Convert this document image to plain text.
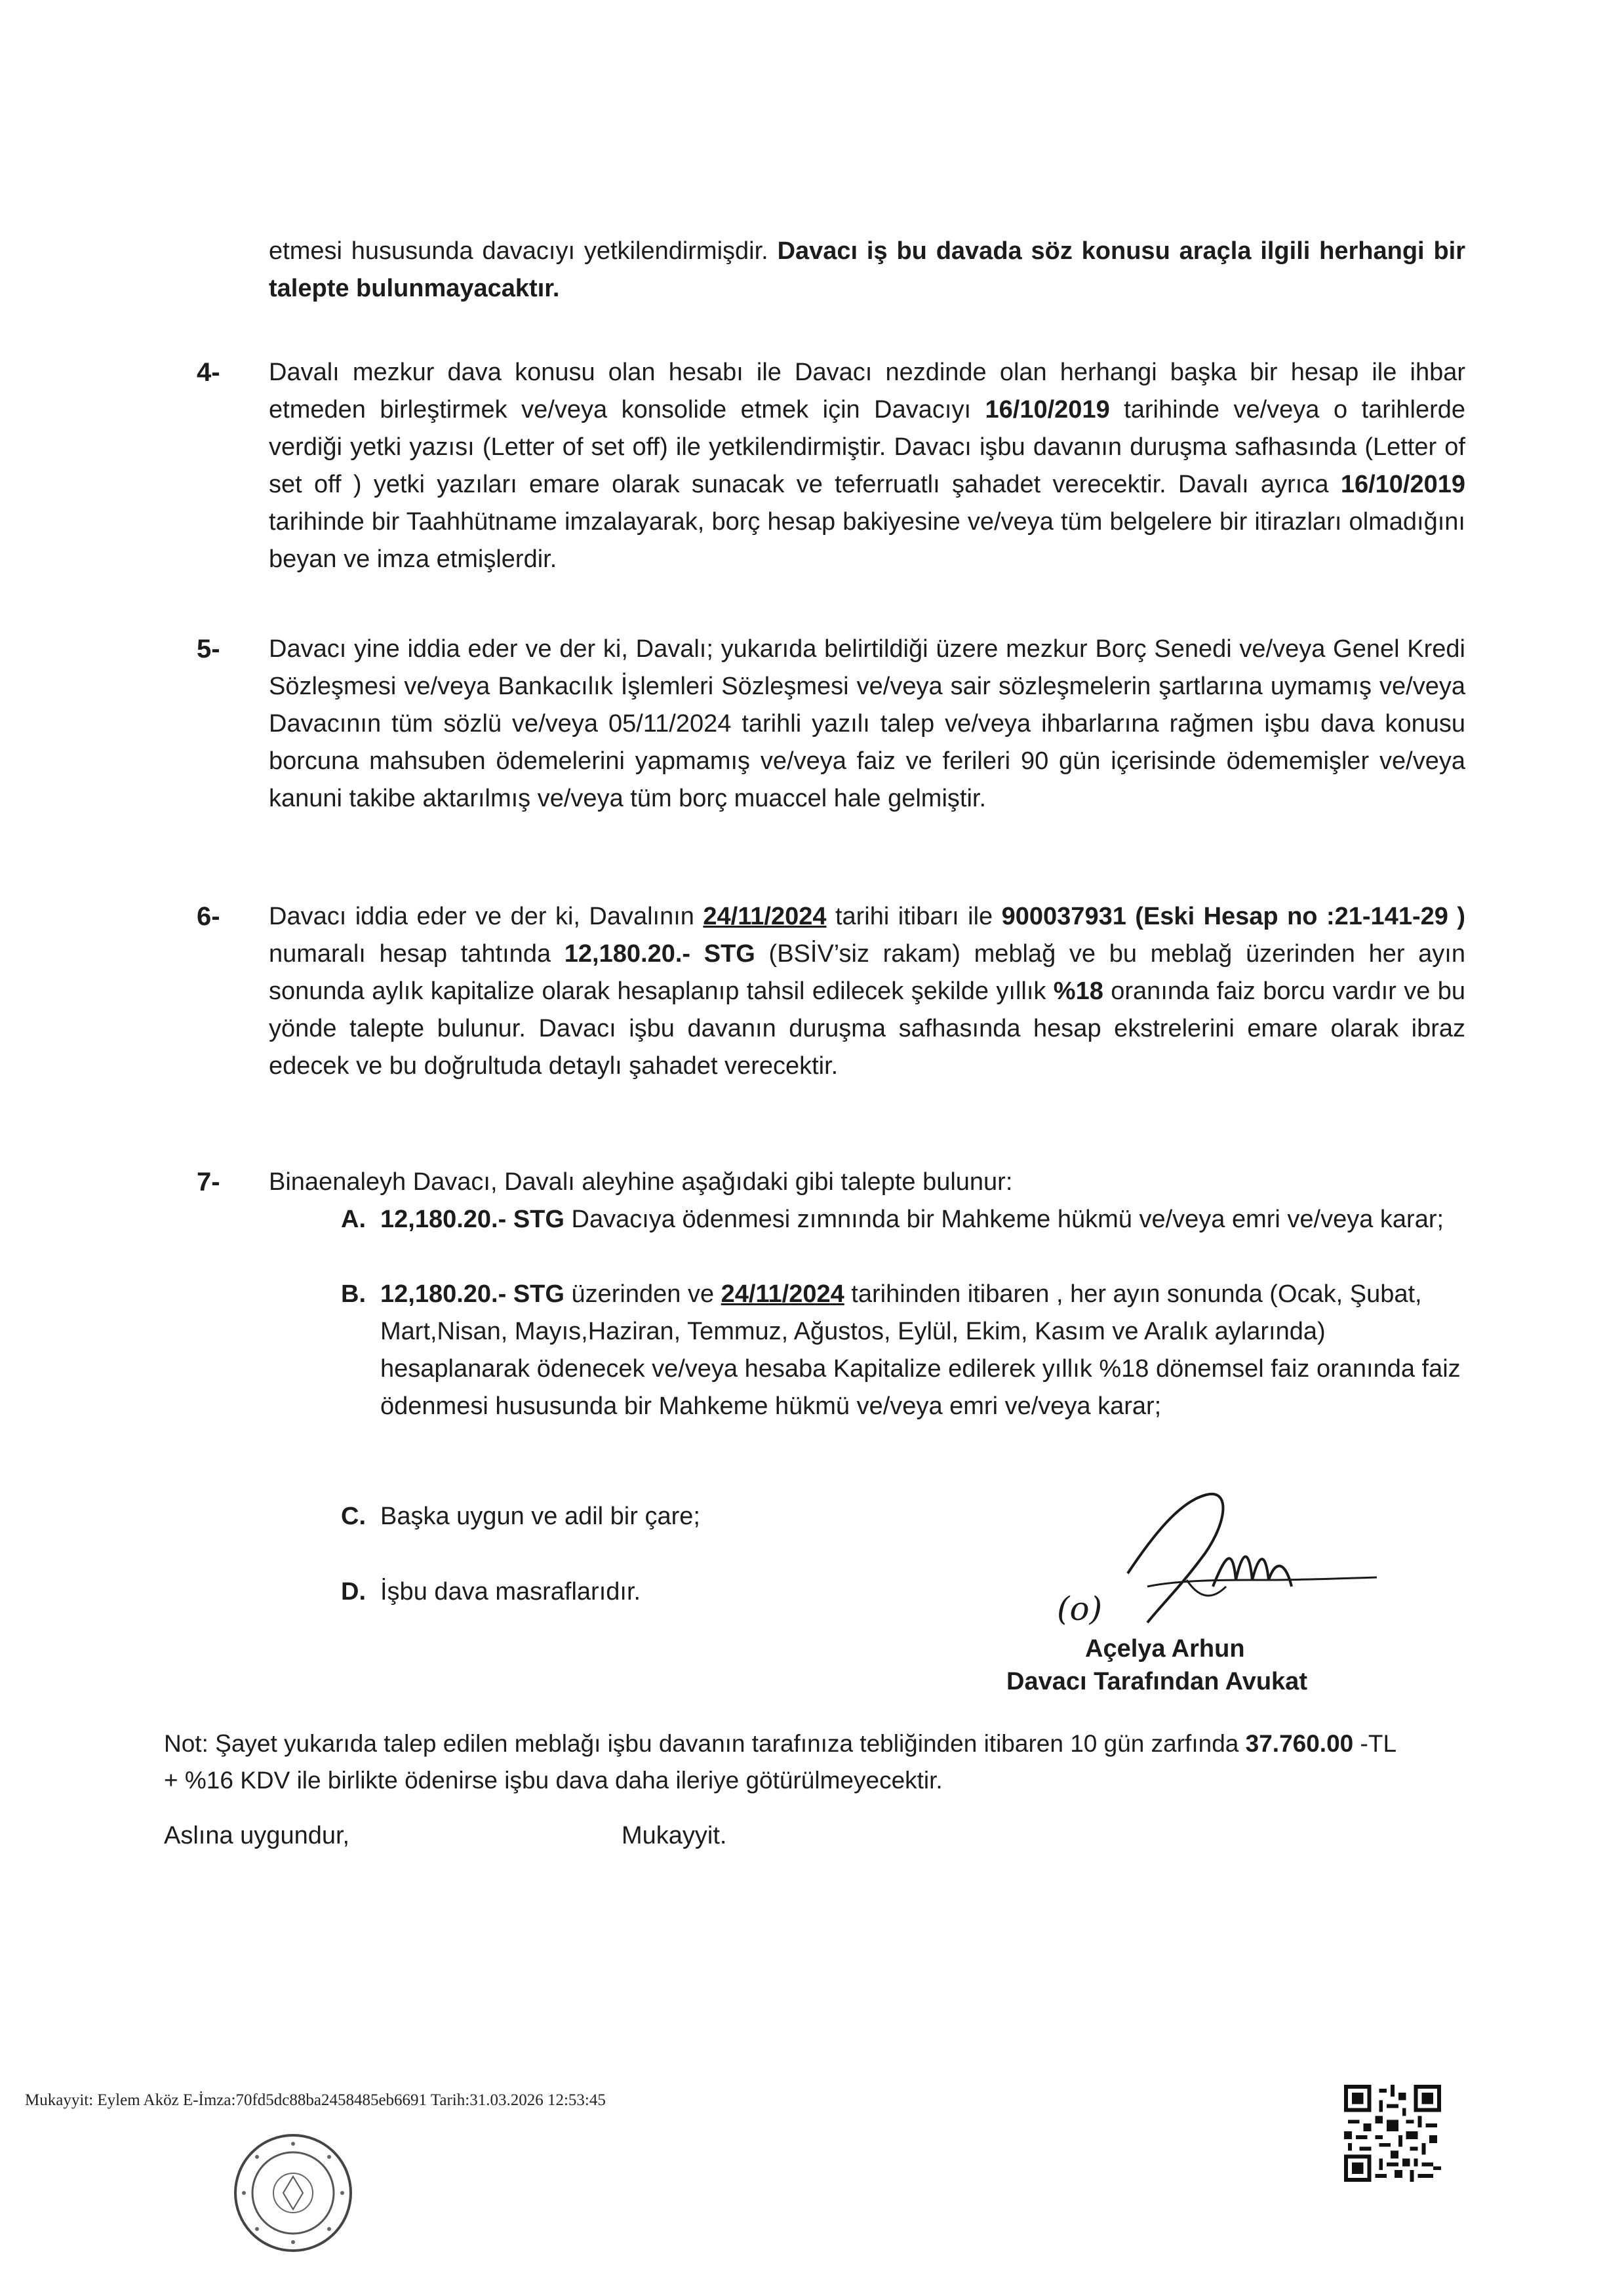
etmesi hususunda davacıyı yetkilendirmişdir. Davacı iş bu davada söz konusu araçla ilgili herhangi bir talepte bulunmayacaktır.

4- Davalı mezkur dava konusu olan hesabı ile Davacı nezdinde olan herhangi başka bir hesap ile ihbar etmeden birleştirmek ve/veya konsolide etmek için Davacıyı 16/10/2019 tarihinde ve/veya o tarihlerde verdiği yetki yazısı (Letter of set off) ile yetkilendirmiştir. Davacı işbu davanın duruşma safhasında (Letter of set off ) yetki yazıları emare olarak sunacak ve teferruatlı şahadet verecektir. Davalı ayrıca 16/10/2019 tarihinde bir Taahhütname imzalayarak, borç hesap bakiyesine ve/veya tüm belgelere bir itirazları olmadığını beyan ve imza etmişlerdir.

5- Davacı yine iddia eder ve der ki, Davalı; yukarıda belirtildiği üzere mezkur Borç Senedi ve/veya Genel Kredi Sözleşmesi ve/veya Bankacılık İşlemleri Sözleşmesi ve/veya sair sözleşmelerin şartlarına uymamış ve/veya Davacının tüm sözlü ve/veya 05/11/2024 tarihli yazılı talep ve/veya ihbarlarına rağmen işbu dava konusu borcuna mahsuben ödemelerini yapmamış ve/veya faiz ve ferileri 90 gün içerisinde ödememişler ve/veya kanuni takibe aktarılmış ve/veya tüm borç muaccel hale gelmiştir.

6- Davacı iddia eder ve der ki, Davalının 24/11/2024 tarihi itibarı ile 900037931 (Eski Hesap no :21-141-29 ) numaralı hesap tahtında 12,180.20.- STG (BSİV’siz rakam) meblağ ve bu meblağ üzerinden her ayın sonunda aylık kapitalize olarak hesaplanıp tahsil edilecek şekilde yıllık %18 oranında faiz borcu vardır ve bu yönde talepte bulunur. Davacı işbu davanın duruşma safhasında hesap ekstrelerini emare olarak ibraz edecek ve bu doğrultuda detaylı şahadet verecektir.

7- Binaenaleyh Davacı, Davalı aleyhine aşağıdaki gibi talepte bulunur:

A. 12,180.20.- STG Davacıya ödenmesi zımnında bir Mahkeme hükmü ve/veya emri ve/veya karar;

B. 12,180.20.- STG üzerinden ve 24/11/2024 tarihinden itibaren , her ayın sonunda (Ocak, Şubat, Mart,Nisan, Mayıs,Haziran, Temmuz, Ağustos, Eylül, Ekim, Kasım ve Aralık aylarında) hesaplanarak ödenecek ve/veya hesaba Kapitalize edilerek yıllık %18 dönemsel faiz oranında faiz ödenmesi hususunda bir Mahkeme hükmü ve/veya emri ve/veya karar;

C. Başka uygun ve adil bir çare;

D. İşbu dava masraflarıdır.	(o)
Açelya Arhun
Davacı Tarafından Avukat

Not: Şayet yukarıda talep edilen meblağı işbu davanın tarafınıza tebliğinden itibaren 10 gün zarfında 37.760.00 -TL + %16 KDV ile birlikte ödenirse işbu dava daha ileriye götürülmeyecektir.

Aslına uygundur,	Mukayyit.
Mukayyit: Eylem Aköz E-İmza:70fd5dc88ba2458485eb6691 Tarih:31.03.2026 12:53:45
